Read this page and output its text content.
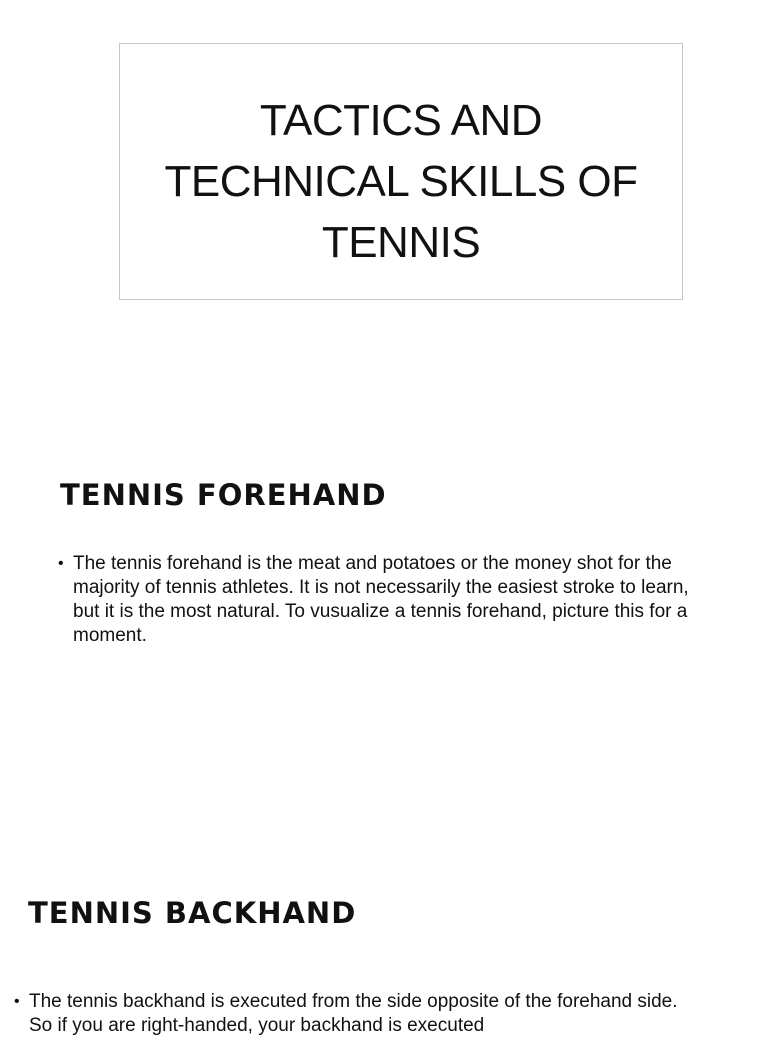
TACTICS AND
TECHNICAL SKILLS OF
TENNIS
TENNIS FOREHAND
• The tennis forehand is the meat and potatoes or the money shot for the majority of tennis athletes. It is not necessarily the easiest stroke to learn, but it is the most natural. To vusualize a tennis forehand, picture this for a moment.
TENNIS BACKHAND
• The tennis backhand is executed from the side opposite of the forehand side. So if you are right-handed, your backhand is executed
